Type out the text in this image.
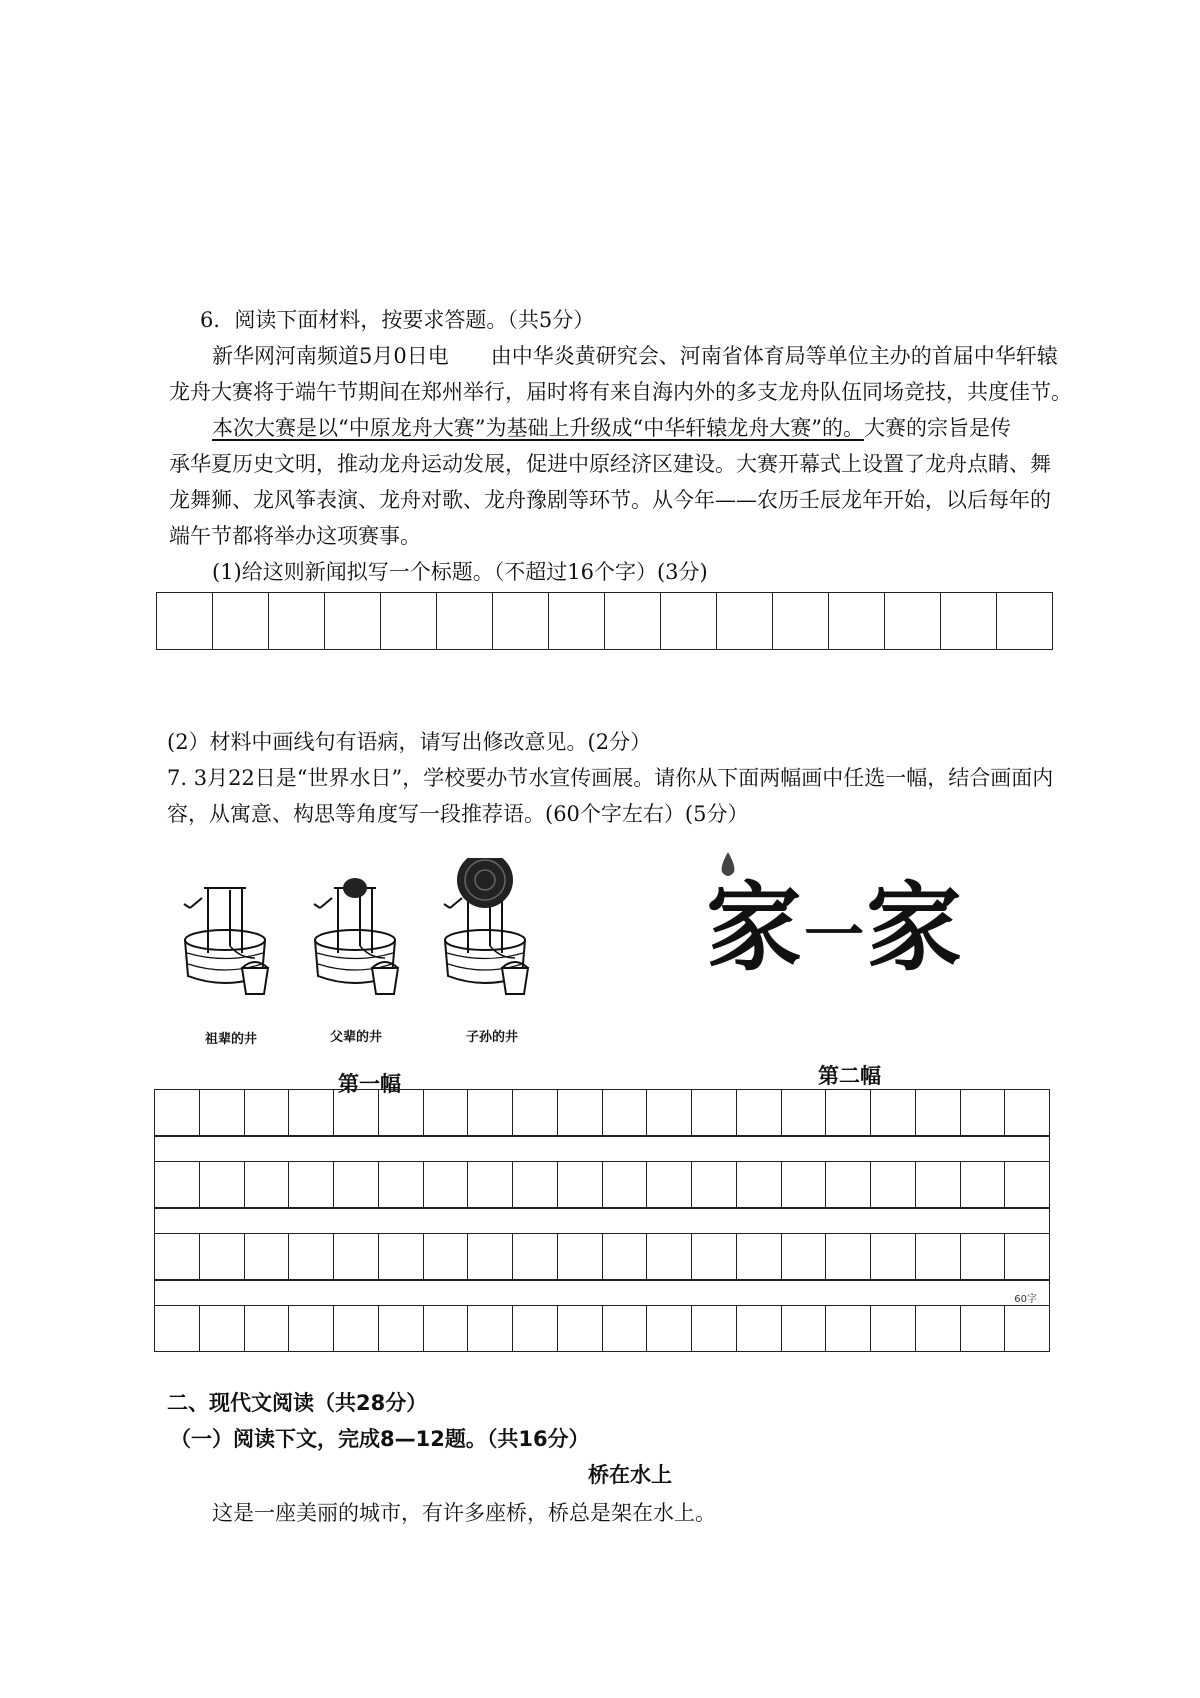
6．阅读下面材料，按要求答题。（共5分）
新华网河南频道5月0日电　　由中华炎黄研究会、河南省体育局等单位主办的首届中华轩辕
龙舟大赛将于端午节期间在郑州举行，届时将有来自海内外的多支龙舟队伍同场竞技，共度佳节。
本次大赛是以“中原龙舟大赛”为基础上升级成“中华轩辕龙舟大赛”的。大赛的宗旨是传
承华夏历史文明，推动龙舟运动发展，促进中原经济区建设。大赛开幕式上设置了龙舟点睛、舞
龙舞狮、龙风筝表演、龙舟对歌、龙舟豫剧等环节。从今年——农历壬辰龙年开始，以后每年的
端午节都将举办这项赛事。
(1)给这则新闻拟写一个标题。（不超过16个字）(3分)

(2）材料中画线句有语病，请写出修改意见。(2分）
7. 3月22日是“世界水日”，学校要办节水宣传画展。请你从下面两幅画中任选一幅，结合画面内
容，从寓意、构思等角度写一段推荐语。(60个字左右）(5分）
祖辈的井	父辈的井	子孙的井
第一幅
家一家
第二幅
60字
二、现代文阅读（共28分）
（一）阅读下文，完成8—12题。（共16分）
桥在水上
这是一座美丽的城市，有许多座桥，桥总是架在水上。
